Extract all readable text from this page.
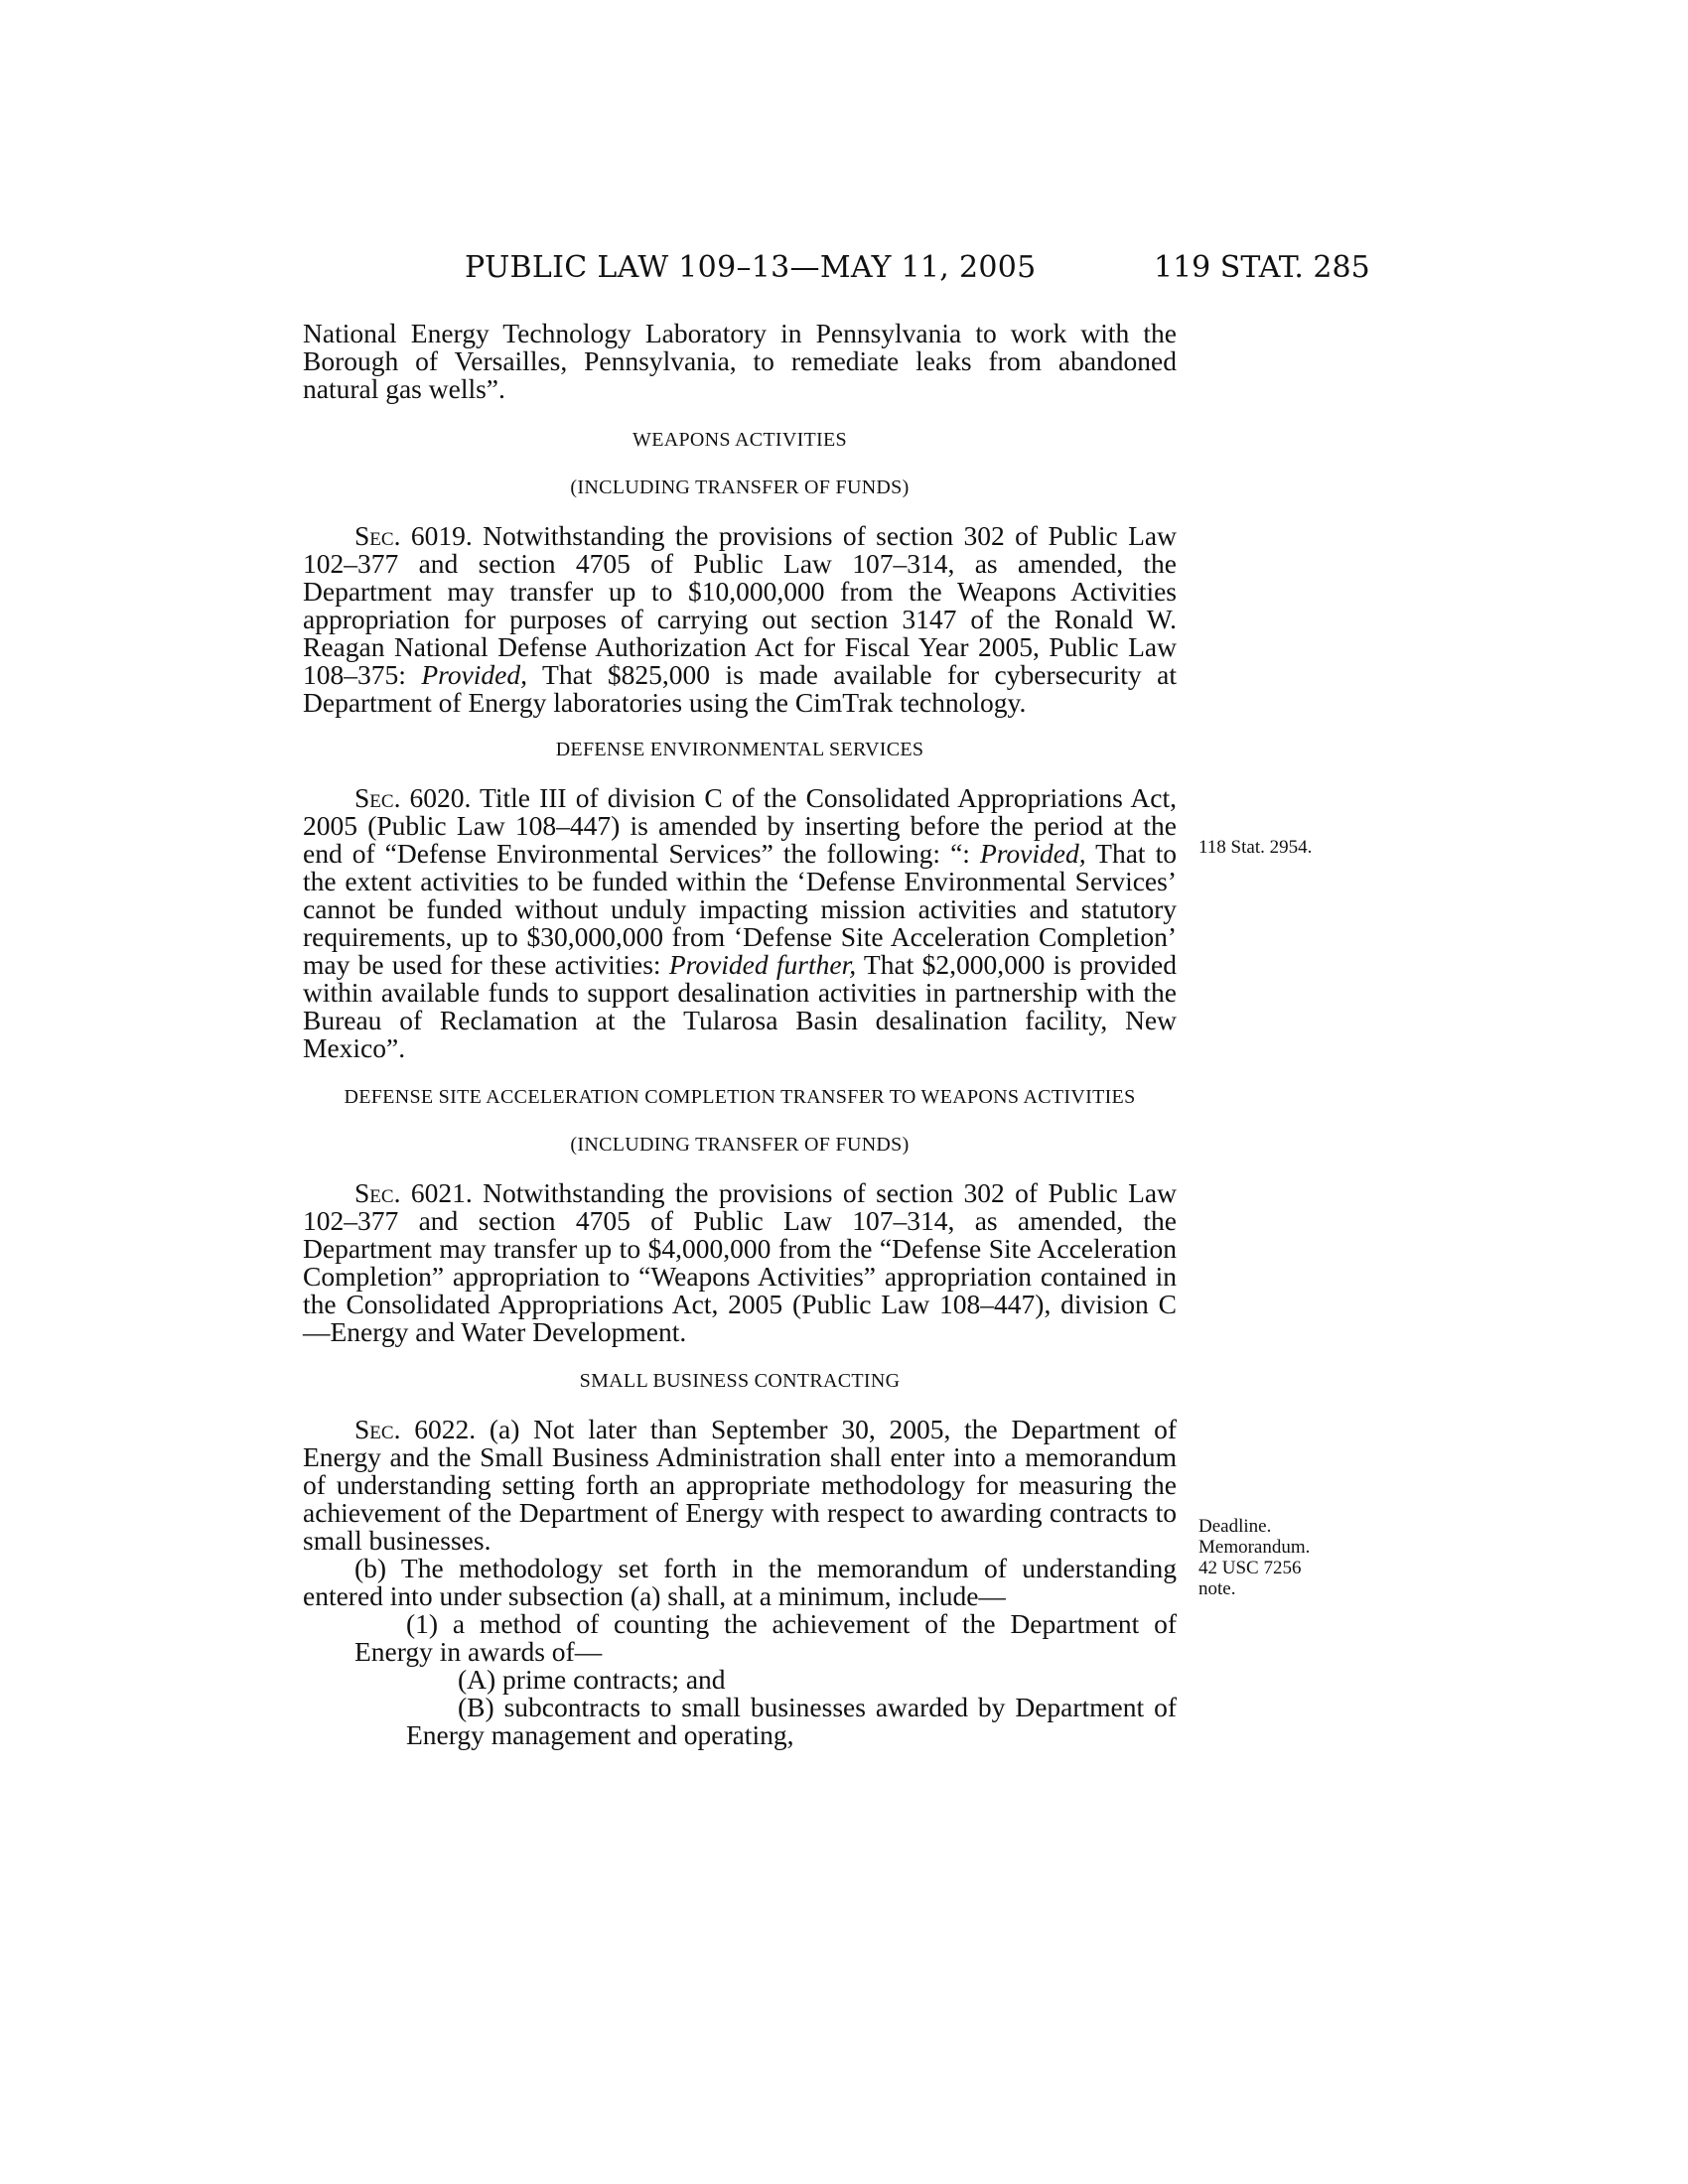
PUBLIC LAW 109–13—MAY 11, 2005	119 STAT. 285

National Energy Technology Laboratory in Pennsylvania to work with the Borough of Versailles, Pennsylvania, to remediate leaks from abandoned natural gas wells”.

WEAPONS ACTIVITIES

(INCLUDING TRANSFER OF FUNDS)

Sec. 6019. Notwithstanding the provisions of section 302 of Public Law 102–377 and section 4705 of Public Law 107–314, as amended, the Department may transfer up to $10,000,000 from the Weapons Activities appropriation for purposes of carrying out section 3147 of the Ronald W. Reagan National Defense Authorization Act for Fiscal Year 2005, Public Law 108–375: Provided, That $825,000 is made available for cybersecurity at Department of Energy laboratories using the CimTrak technology.

DEFENSE ENVIRONMENTAL SERVICES

Sec. 6020. Title III of division C of the Consolidated Appropriations Act, 2005 (Public Law 108–447) is amended by inserting before the period at the end of “Defense Environmental Services” the following: “: Provided, That to the extent activities to be funded within the ‘Defense Environmental Services’ cannot be funded without unduly impacting mission activities and statutory requirements, up to $30,000,000 from ‘Defense Site Acceleration Completion’ may be used for these activities: Provided further, That $2,000,000 is provided within available funds to support desalination activities in partnership with the Bureau of Reclamation at the Tularosa Basin desalination facility, New Mexico”.

DEFENSE SITE ACCELERATION COMPLETION TRANSFER TO WEAPONS ACTIVITIES

(INCLUDING TRANSFER OF FUNDS)

Sec. 6021. Notwithstanding the provisions of section 302 of Public Law 102–377 and section 4705 of Public Law 107–314, as amended, the Department may transfer up to $4,000,000 from the “Defense Site Acceleration Completion” appropriation to “Weapons Activities” appropriation contained in the Consolidated Appropriations Act, 2005 (Public Law 108–447), division C—Energy and Water Development.

SMALL BUSINESS CONTRACTING

Sec. 6022. (a) Not later than September 30, 2005, the Department of Energy and the Small Business Administration shall enter into a memorandum of understanding setting forth an appropriate methodology for measuring the achievement of the Department of Energy with respect to awarding contracts to small businesses.

(b) The methodology set forth in the memorandum of understanding entered into under subsection (a) shall, at a minimum, include—

(1) a method of counting the achievement of the Department of Energy in awards of—

(A) prime contracts; and

(B) subcontracts to small businesses awarded by Department of Energy management and operating,

118 Stat. 2954.
Deadline.
Memorandum.
42 USC 7256
note.
